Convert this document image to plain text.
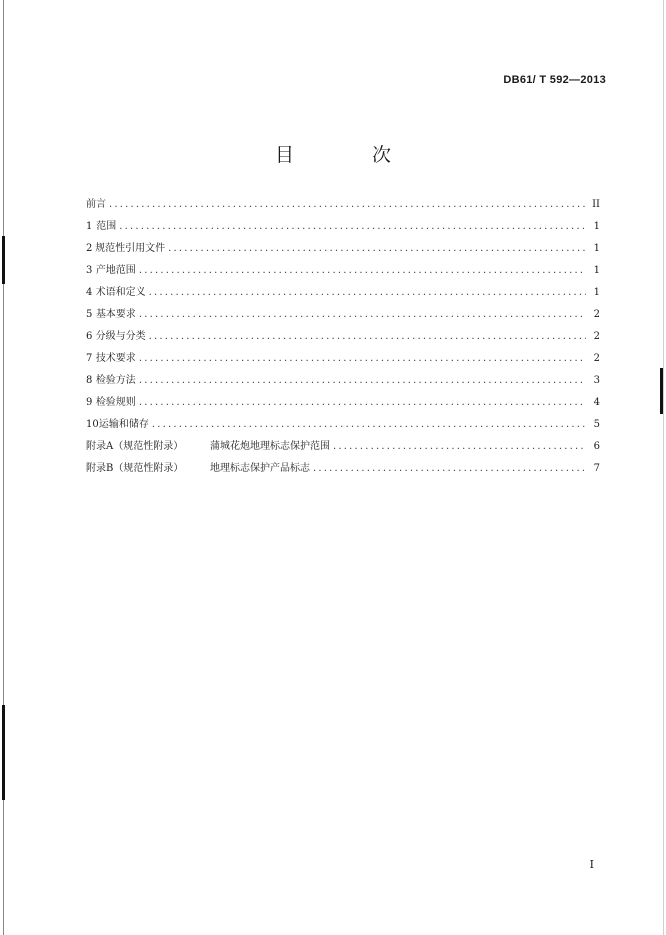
DB61/ T 592—2013
目 次
前言 .....	II
1 范围 .....	1
2 规范性引用文件 .....	1
3 产地范围 .....	1
4 术语和定义 .....	1
5 基本要求 .....	2
6 分级与分类 .....	2
7 技术要求 .....	2
8 检验方法 .....	3
9 检验规则 .....	4
10 运输和储存 .....	5
附录A（规范性附录）	蒲城花炮地理标志保护范围 .....	6
附录B（规范性附录）	地理标志保护产品标志 .....	7
I
